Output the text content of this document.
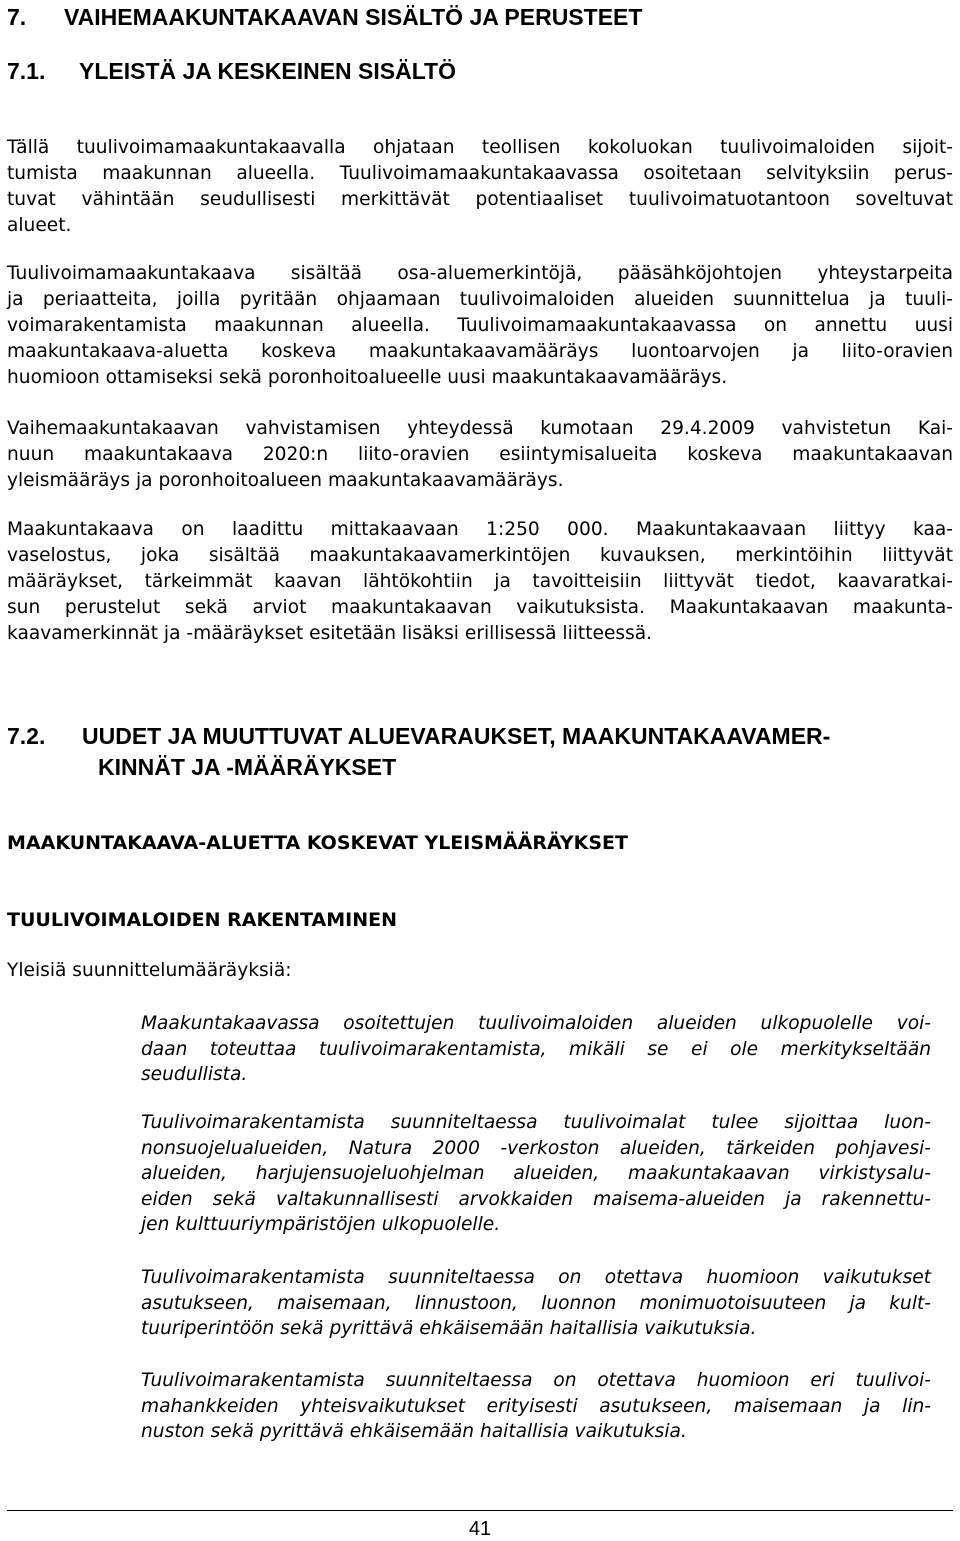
7. VAIHEMAAKUNTAKAAVAN SISÄLTÖ JA PERUSTEET
7.1. YLEISTÄ JA KESKEINEN SISÄLTÖ

Tällä tuulivoimamaakuntakaavalla ohjataan teollisen kokoluokan tuulivoimaloiden sijoit-
tumista maakunnan alueella. Tuulivoimamaakuntakaavassa osoitetaan selvityksiin perus-
tuvat vähintään seudullisesti merkittävät potentiaaliset tuulivoimatuotantoon soveltuvat
alueet.

Tuulivoimamaakuntakaava sisältää osa-aluemerkintöjä, pääsähköjohtojen yhteystarpeita
ja periaatteita, joilla pyritään ohjaamaan tuulivoimaloiden alueiden suunnittelua ja tuuli-
voimarakentamista maakunnan alueella. Tuulivoimamaakuntakaavassa on annettu uusi
maakuntakaava-aluetta koskeva maakuntakaavamääräys luontoarvojen ja liito-oravien
huomioon ottamiseksi sekä poronhoitoalueelle uusi maakuntakaavamääräys.

Vaihemaakuntakaavan vahvistamisen yhteydessä kumotaan 29.4.2009 vahvistetun Kai-
nuun maakuntakaava 2020:n liito-oravien esiintymisalueita koskeva maakuntakaavan
yleismääräys ja poronhoitoalueen maakuntakaavamääräys.

Maakuntakaava on laadittu mittakaavaan 1:250 000. Maakuntakaavaan liittyy kaa-
vaselostus, joka sisältää maakuntakaavamerkintöjen kuvauksen, merkintöihin liittyvät
määräykset, tärkeimmät kaavan lähtökohtiin ja tavoitteisiin liittyvät tiedot, kaavaratkai-
sun perustelut sekä arviot maakuntakaavan vaikutuksista. Maakuntakaavan maakunta-
kaavamerkinnät ja -määräykset esitetään lisäksi erillisessä liitteessä.

7.2. UUDET JA MUUTTUVAT ALUEVARAUKSET, MAAKUNTAKAAVAMER-
KINNÄT JA -MÄÄRÄYKSET
MAAKUNTAKAAVA-ALUETTA KOSKEVAT YLEISMÄÄRÄYKSET
TUULIVOIMALOIDEN RAKENTAMINEN
Yleisiä suunnittelumääräyksiä:

Maakuntakaavassa osoitettujen tuulivoimaloiden alueiden ulkopuolelle voi-
daan toteuttaa tuulivoimarakentamista, mikäli se ei ole merkitykseltään
seudullista.

Tuulivoimarakentamista suunniteltaessa tuulivoimalat tulee sijoittaa luon-
nonsuojelualueiden, Natura 2000 -verkoston alueiden, tärkeiden pohjavesi-
alueiden, harjujensuojeluohjelman alueiden, maakuntakaavan virkistysalu-
eiden sekä valtakunnallisesti arvokkaiden maisema-alueiden ja rakennettu-
jen kulttuuriympäristöjen ulkopuolelle.

Tuulivoimarakentamista suunniteltaessa on otettava huomioon vaikutukset
asutukseen, maisemaan, linnustoon, luonnon monimuotoisuuteen ja kult-
tuuriperintöön sekä pyrittävä ehkäisemään haitallisia vaikutuksia.

Tuulivoimarakentamista suunniteltaessa on otettava huomioon eri tuulivoi-
mahankkeiden yhteisvaikutukset erityisesti asutukseen, maisemaan ja lin-
nuston sekä pyrittävä ehkäisemään haitallisia vaikutuksia.

41
